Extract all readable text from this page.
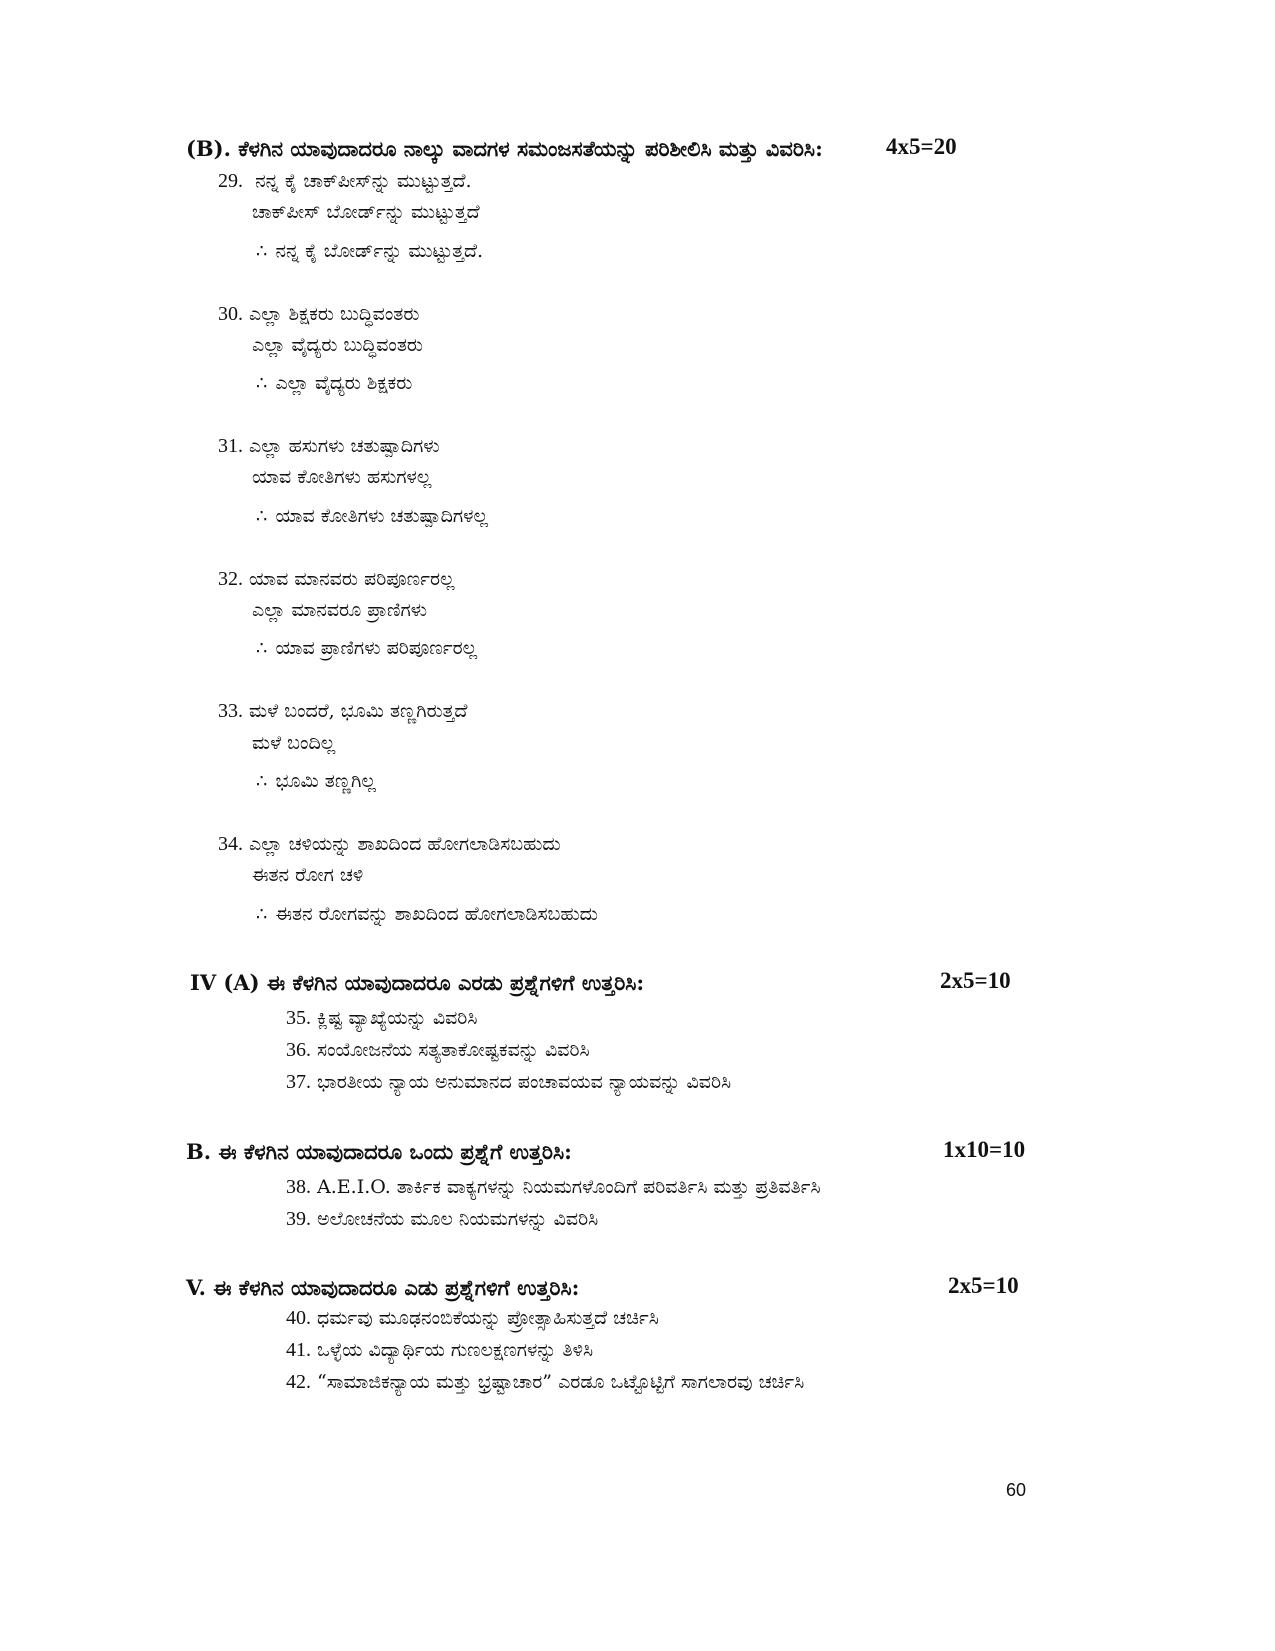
(B). ಕೆಳಗಿನ ಯಾವುದಾದರೂ ನಾಲ್ಕು ವಾದಗಳ ಸಮಂಜಸತೆಯನ್ನು ಪರಿಶೀಲಿಸಿ ಮತ್ತು ವಿವರಿಸಿ:	4x5=20
29. ನನ್ನ ಕೈ ಚಾಕ್‌ಪೀಸ್‌ನ್ನು ಮುಟ್ಟುತ್ತದೆ.
ಚಾಕ್‌ಪೀಸ್ ಬೋರ್ಡ್‌ನ್ನು ಮುಟ್ಟುತ್ತದೆ
∴ ನನ್ನ ಕೈ ಬೋರ್ಡ್‌ನ್ನು ಮುಟ್ಟುತ್ತದೆ.
30. ಎಲ್ಲಾ ಶಿಕ್ಷಕರು ಬುದ್ಧಿವಂತರು
ಎಲ್ಲಾ ವೈದ್ಯರು ಬುದ್ಧಿವಂತರು
∴ ಎಲ್ಲಾ ವೈದ್ಯರು ಶಿಕ್ಷಕರು
31. ಎಲ್ಲಾ ಹಸುಗಳು ಚತುಷ್ಪಾದಿಗಳು
ಯಾವ ಕೋತಿಗಳು ಹಸುಗಳಲ್ಲ
∴ ಯಾವ ಕೋತಿಗಳು ಚತುಷ್ಪಾದಿಗಳಲ್ಲ
32. ಯಾವ ಮಾನವರು ಪರಿಪೂರ್ಣರಲ್ಲ
ಎಲ್ಲಾ ಮಾನವರೂ ಪ್ರಾಣಿಗಳು
∴ ಯಾವ ಪ್ರಾಣಿಗಳು ಪರಿಪೂರ್ಣರಲ್ಲ
33. ಮಳೆ ಬಂದರೆ, ಭೂಮಿ ತಣ್ಣಗಿರುತ್ತದೆ
ಮಳೆ ಬಂದಿಲ್ಲ
∴ ಭೂಮಿ ತಣ್ಣಗಿಲ್ಲ
34. ಎಲ್ಲಾ ಚಳಿಯನ್ನು ಶಾಖದಿಂದ ಹೋಗಲಾಡಿಸಬಹುದು
ಈತನ ರೋಗ ಚಳಿ
∴ ಈತನ ರೋಗವನ್ನು ಶಾಖದಿಂದ ಹೋಗಲಾಡಿಸಬಹುದು
IV (A) ಈ ಕೆಳಗಿನ ಯಾವುದಾದರೂ ಎರಡು ಪ್ರಶ್ನೆಗಳಿಗೆ ಉತ್ತರಿಸಿ:	2x5=10
35. ಕ್ಲಿಷ್ಟ ವ್ಯಾಖ್ಯೆಯನ್ನು ವಿವರಿಸಿ
36. ಸಂಯೋಜನೆಯ ಸತ್ಯತಾಕೋಷ್ಟಕವನ್ನು ವಿವರಿಸಿ
37. ಭಾರತೀಯ ನ್ಯಾಯ ಅನುಮಾನದ ಪಂಚಾವಯವ ನ್ಯಾಯವನ್ನು ವಿವರಿಸಿ
B. ಈ ಕೆಳಗಿನ ಯಾವುದಾದರೂ ಒಂದು ಪ್ರಶ್ನೆಗೆ ಉತ್ತರಿಸಿ:	1x10=10
38. A.E.I.O. ತಾರ್ಕಿಕ ವಾಕ್ಯಗಳನ್ನು ನಿಯಮಗಳೊಂದಿಗೆ ಪರಿವರ್ತಿಸಿ ಮತ್ತು ಪ್ರತಿವರ್ತಿಸಿ
39. ಅಲೋಚನೆಯ ಮೂಲ ನಿಯಮಗಳನ್ನು ವಿವರಿಸಿ
V. ಈ ಕೆಳಗಿನ ಯಾವುದಾದರೂ ಎಡು ಪ್ರಶ್ನೆಗಳಿಗೆ ಉತ್ತರಿಸಿ:	2x5=10
40. ಧರ್ಮವು ಮೂಢನಂಬಿಕೆಯನ್ನು ಪ್ರೋತ್ಸಾಹಿಸುತ್ತದೆ ಚರ್ಚಿಸಿ
41. ಒಳ್ಳೆಯ ವಿದ್ಯಾರ್ಥಿಯ ಗುಣಲಕ್ಷಣಗಳನ್ನು ತಿಳಿಸಿ
42. “ಸಾಮಾಜಿಕನ್ಯಾಯ ಮತ್ತು ಭ್ರಷ್ಟಾಚಾರ” ಎರಡೂ ಒಟ್ಟೊಟ್ಟಿಗೆ ಸಾಗಲಾರವು ಚರ್ಚಿಸಿ
60
